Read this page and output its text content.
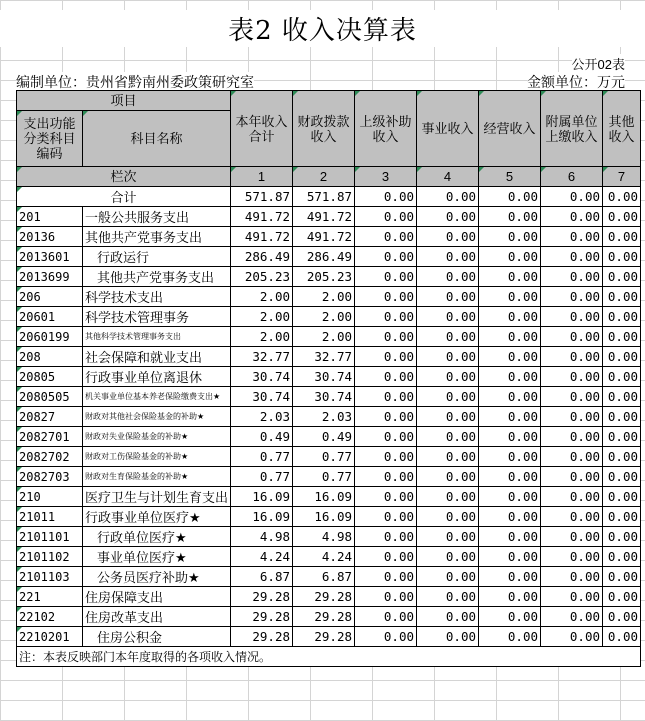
表2 收入决算表
公开02表
编制单位：贵州省黔南州委政策研究室	金额单位：万元
项目		本年收入合计	财政拨款收入	上级补助收入	事业收入	经营收入	附属单位上缴收入	其他收入
支出功能分类科目编码	科目名称							

栏次		1	2	3	4	5	6	7
合计		571.87	571.87	0.00	0.00	0.00	0.00	0.00
201	一般公共服务支出	491.72	491.72	0.00	0.00	0.00	0.00	0.00
20136	其他共产党事务支出	491.72	491.72	0.00	0.00	0.00	0.00	0.00
2013601	行政运行	286.49	286.49	0.00	0.00	0.00	0.00	0.00
2013699	其他共产党事务支出	205.23	205.23	0.00	0.00	0.00	0.00	0.00
206	科学技术支出	2.00	2.00	0.00	0.00	0.00	0.00	0.00
20601	科学技术管理事务	2.00	2.00	0.00	0.00	0.00	0.00	0.00
2060199	其他科学技术管理事务支出	2.00	2.00	0.00	0.00	0.00	0.00	0.00
208	社会保障和就业支出	32.77	32.77	0.00	0.00	0.00	0.00	0.00
20805	行政事业单位离退休	30.74	30.74	0.00	0.00	0.00	0.00	0.00
2080505	机关事业单位基本养老保险缴费支出★	30.74	30.74	0.00	0.00	0.00	0.00	0.00
20827	财政对其他社会保险基金的补助★	2.03	2.03	0.00	0.00	0.00	0.00	0.00
2082701	财政对失业保险基金的补助★	0.49	0.49	0.00	0.00	0.00	0.00	0.00
2082702	财政对工伤保险基金的补助★	0.77	0.77	0.00	0.00	0.00	0.00	0.00
2082703	财政对生育保险基金的补助★	0.77	0.77	0.00	0.00	0.00	0.00	0.00
210	医疗卫生与计划生育支出	16.09	16.09	0.00	0.00	0.00	0.00	0.00
21011	行政事业单位医疗★	16.09	16.09	0.00	0.00	0.00	0.00	0.00
2101101	行政单位医疗★	4.98	4.98	0.00	0.00	0.00	0.00	0.00
2101102	事业单位医疗★	4.24	4.24	0.00	0.00	0.00	0.00	0.00
2101103	公务员医疗补助★	6.87	6.87	0.00	0.00	0.00	0.00	0.00
221	住房保障支出	29.28	29.28	0.00	0.00	0.00	0.00	0.00
22102	住房改革支出	29.28	29.28	0.00	0.00	0.00	0.00	0.00
2210201	住房公积金	29.28	29.28	0.00	0.00	0.00	0.00	0.00
注：本表反映部门本年度取得的各项收入情况。								
